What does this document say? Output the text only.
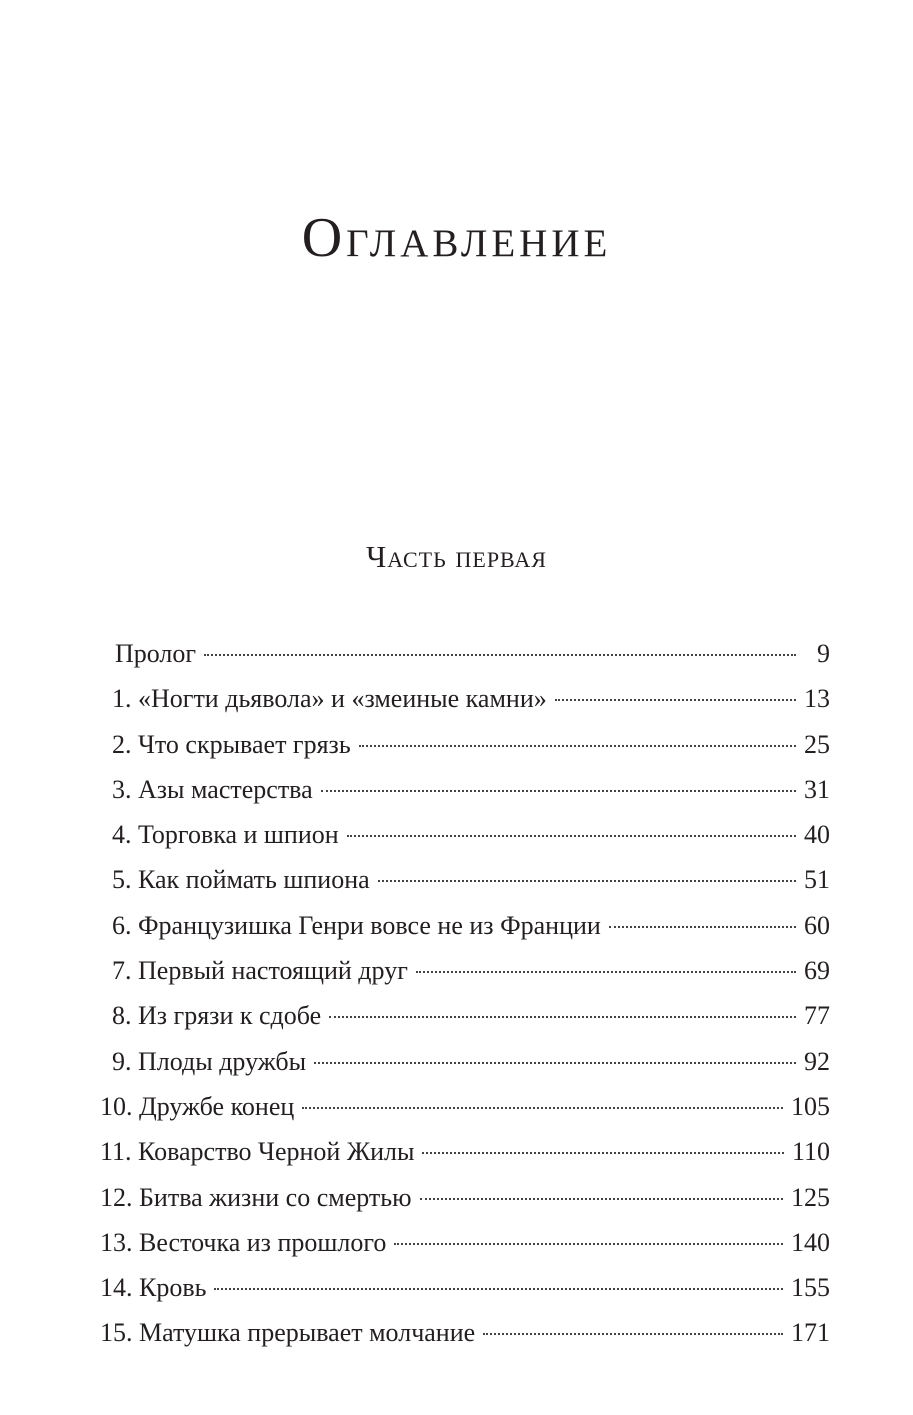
Оглавление
Часть первая
Пролог	9
1. «Ногти дьявола» и «змеиные камни»	13
2. Что скрывает грязь	25
3. Азы мастерства	31
4. Торговка и шпион	40
5. Как поймать шпиона	51
6. Французишка Генри вовсе не из Франции	60
7. Первый настоящий друг	69
8. Из грязи к сдобе	77
9. Плоды дружбы	92
10. Дружбе конец	105
11. Коварство Черной Жилы	110
12. Битва жизни со смертью	125
13. Весточка из прошлого	140
14. Кровь	155
15. Матушка прерывает молчание	171
